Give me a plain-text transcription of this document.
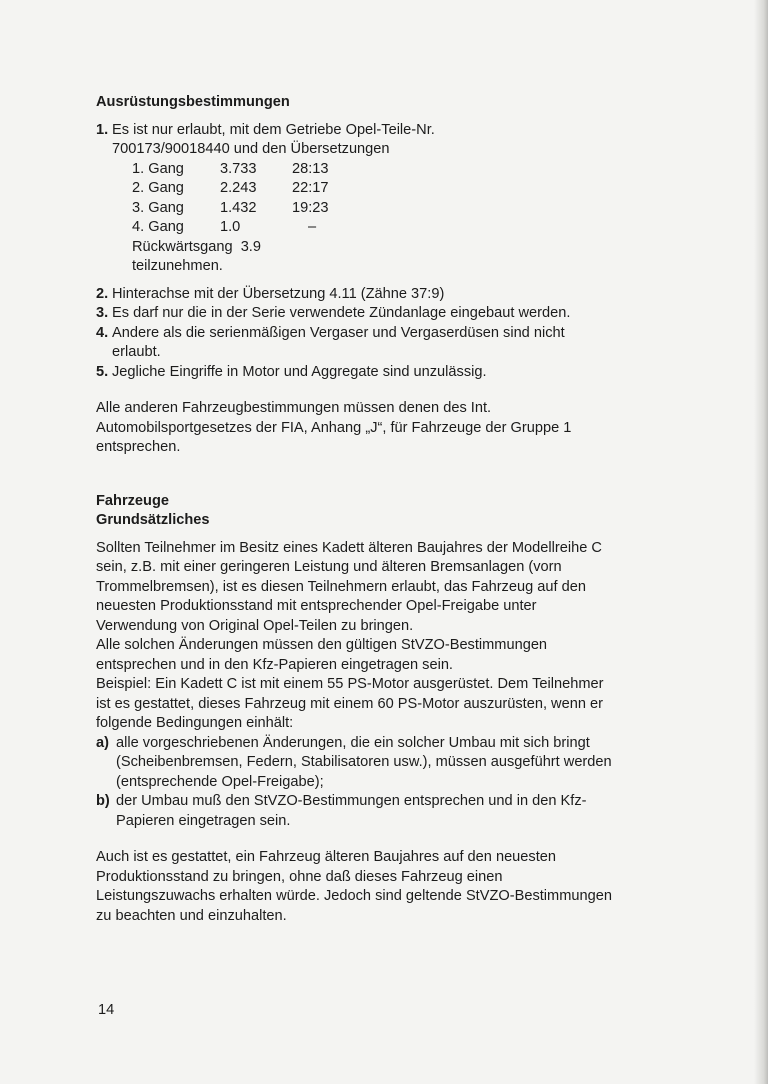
Ausrüstungsbestimmungen
1. Es ist nur erlaubt, mit dem Getriebe Opel-Teile-Nr.
700173/90018440 und den Übersetzungen
1. Gang	3.733	28:13
2. Gang	2.243	22:17
3. Gang	1.432	19:23
4. Gang	1.0	–
Rückwärtsgang  3.9
teilzunehmen.
2. Hinterachse mit der Übersetzung 4.11 (Zähne 37:9)
3. Es darf nur die in der Serie verwendete Zündanlage eingebaut werden.
4. Andere als die serienmäßigen Vergaser und Vergaserdüsen sind nicht erlaubt.
5. Jegliche Eingriffe in Motor und Aggregate sind unzulässig.

Alle anderen Fahrzeugbestimmungen müssen denen des Int. Automobilsportgesetzes der FIA, Anhang „J“, für Fahrzeuge der Gruppe 1 entsprechen.

Fahrzeuge
Grundsätzliches

Sollten Teilnehmer im Besitz eines Kadett älteren Baujahres der Modellreihe C sein, z.B. mit einer geringeren Leistung und älteren Bremsanlagen (vorn Trommelbremsen), ist es diesen Teilnehmern erlaubt, das Fahrzeug auf den neuesten Produktionsstand mit entsprechender Opel-Freigabe unter Verwendung von Original Opel-Teilen zu bringen.

Alle solchen Änderungen müssen den gültigen StVZO-Bestimmungen entsprechen und in den Kfz-Papieren eingetragen sein.

Beispiel: Ein Kadett C ist mit einem 55 PS-Motor ausgerüstet. Dem Teilnehmer ist es gestattet, dieses Fahrzeug mit einem 60 PS-Motor auszurüsten, wenn er folgende Bedingungen einhält:

a) alle vorgeschriebenen Änderungen, die ein solcher Umbau mit sich bringt (Scheibenbremsen, Federn, Stabilisatoren usw.), müssen ausgeführt werden (entsprechende Opel-Freigabe);
b) der Umbau muß den StVZO-Bestimmungen entsprechen und in den Kfz-Papieren eingetragen sein.

Auch ist es gestattet, ein Fahrzeug älteren Baujahres auf den neuesten Produktionsstand zu bringen, ohne daß dieses Fahrzeug einen Leistungszuwachs erhalten würde. Jedoch sind geltende StVZO-Bestimmungen zu beachten und einzuhalten.

14
